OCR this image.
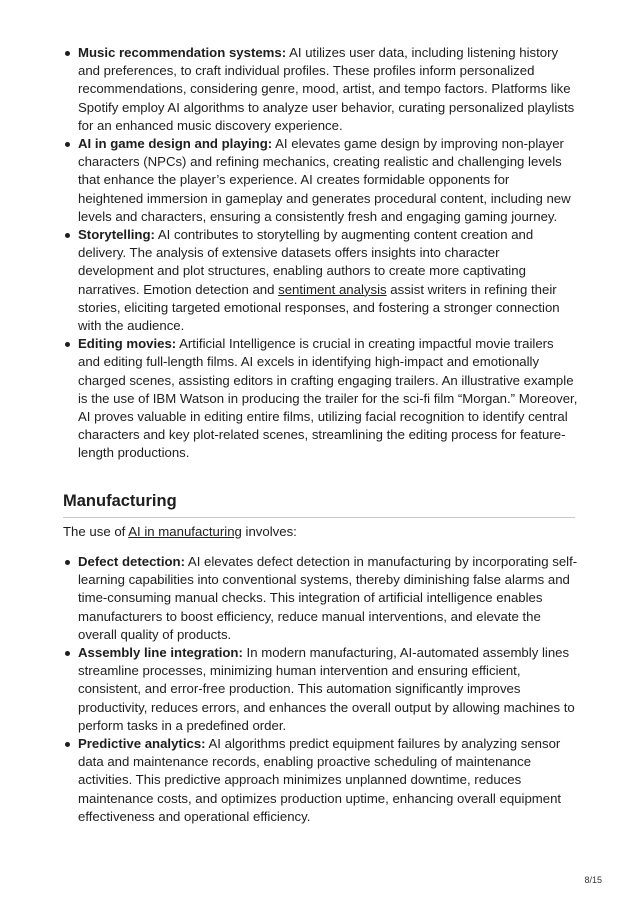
Music recommendation systems: AI utilizes user data, including listening history and preferences, to craft individual profiles. These profiles inform personalized recommendations, considering genre, mood, artist, and tempo factors. Platforms like Spotify employ AI algorithms to analyze user behavior, curating personalized playlists for an enhanced music discovery experience.
AI in game design and playing: AI elevates game design by improving non-player characters (NPCs) and refining mechanics, creating realistic and challenging levels that enhance the player’s experience. AI creates formidable opponents for heightened immersion in gameplay and generates procedural content, including new levels and characters, ensuring a consistently fresh and engaging gaming journey.
Storytelling: AI contributes to storytelling by augmenting content creation and delivery. The analysis of extensive datasets offers insights into character development and plot structures, enabling authors to create more captivating narratives. Emotion detection and sentiment analysis assist writers in refining their stories, eliciting targeted emotional responses, and fostering a stronger connection with the audience.
Editing movies: Artificial Intelligence is crucial in creating impactful movie trailers and editing full-length films. AI excels in identifying high-impact and emotionally charged scenes, assisting editors in crafting engaging trailers. An illustrative example is the use of IBM Watson in producing the trailer for the sci-fi film “Morgan.” Moreover, AI proves valuable in editing entire films, utilizing facial recognition to identify central characters and key plot-related scenes, streamlining the editing process for feature-length productions.
Manufacturing

The use of AI in manufacturing involves:

Defect detection: AI elevates defect detection in manufacturing by incorporating self-learning capabilities into conventional systems, thereby diminishing false alarms and time-consuming manual checks. This integration of artificial intelligence enables manufacturers to boost efficiency, reduce manual interventions, and elevate the overall quality of products.
Assembly line integration: In modern manufacturing, AI-automated assembly lines streamline processes, minimizing human intervention and ensuring efficient, consistent, and error-free production. This automation significantly improves productivity, reduces errors, and enhances the overall output by allowing machines to perform tasks in a predefined order.
Predictive analytics: AI algorithms predict equipment failures by analyzing sensor data and maintenance records, enabling proactive scheduling of maintenance activities. This predictive approach minimizes unplanned downtime, reduces maintenance costs, and optimizes production uptime, enhancing overall equipment effectiveness and operational efficiency.
8/15
